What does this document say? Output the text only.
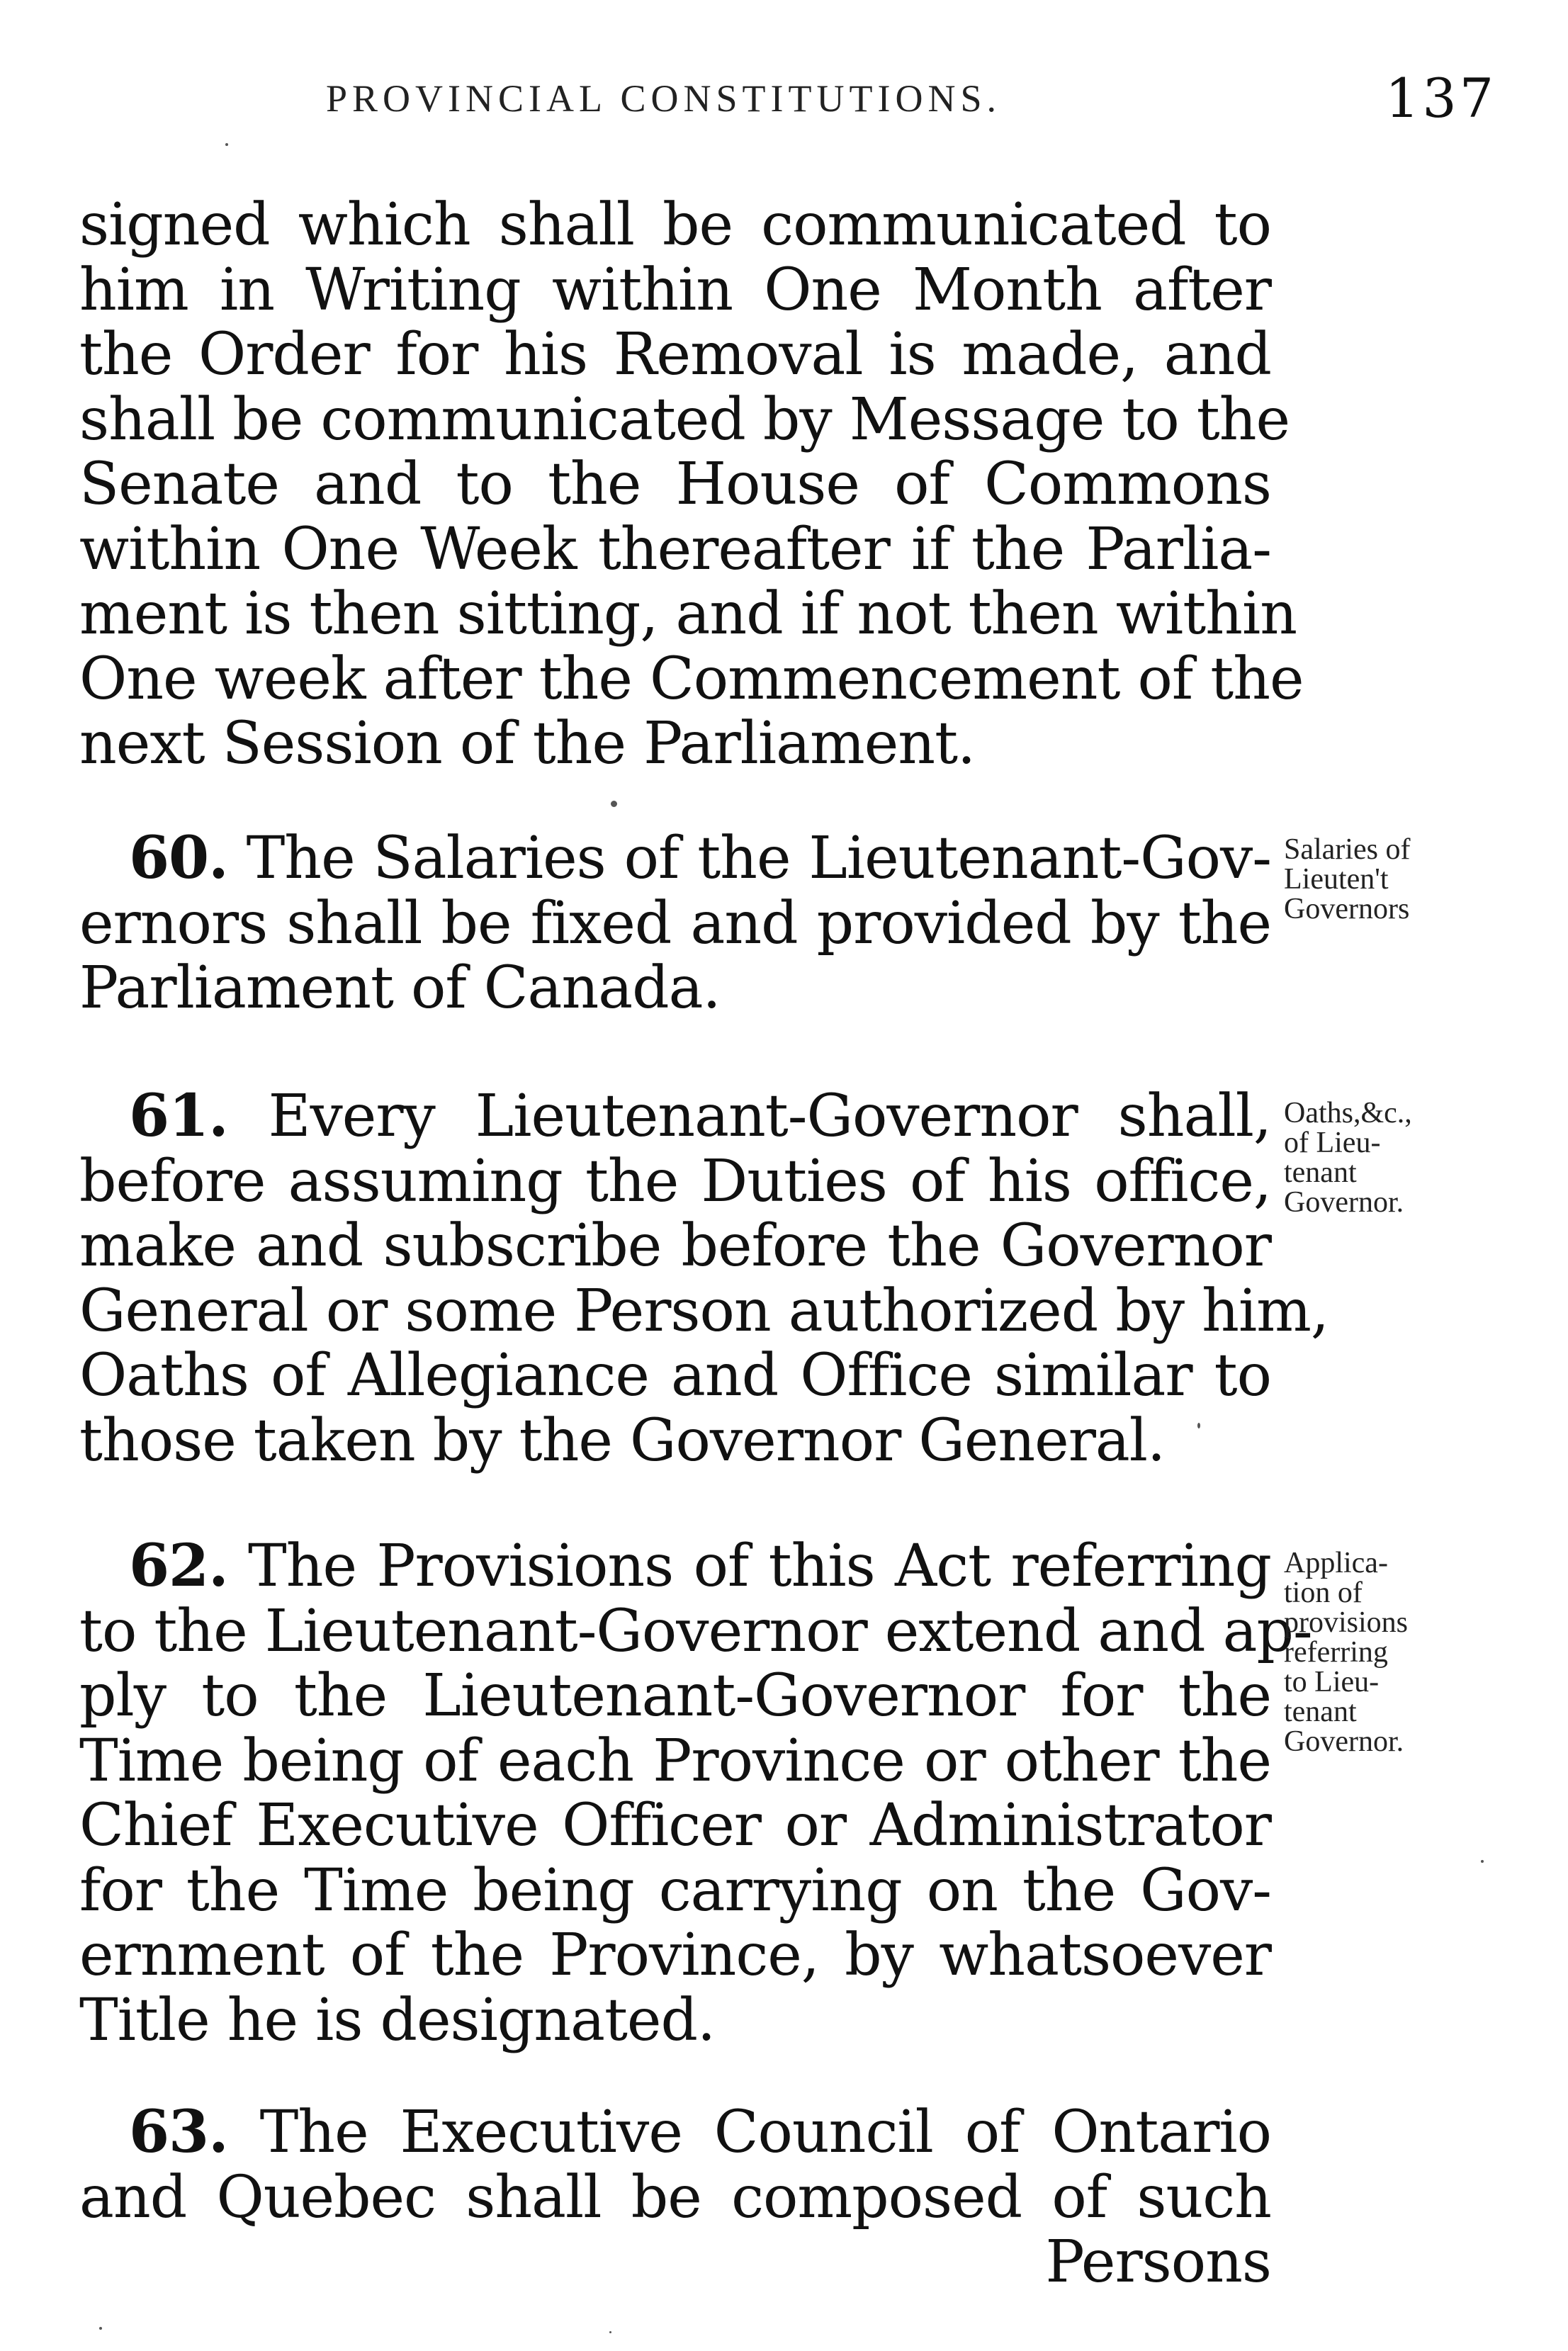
PROVINCIAL CONSTITUTIONS.	137
signed which shall be communicated to
him in Writing within One Month after
the Order for his Removal is made, and
shall be communicated by Message to the
Senate and to the House of Commons
within One Week thereafter if the Parlia-
ment is then sitting, and if not then within
One week after the Commencement of the
next Session of the Parliament.
60. The Salaries of the Lieutenant-Gov-
ernors shall be fixed and provided by the
Parliament of Canada.
Salaries of
Lieuten't
Governors
61. Every Lieutenant-Governor shall,
before assuming the Duties of his office,
make and subscribe before the Governor
General or some Person authorized by him,
Oaths of Allegiance and Office similar to
those taken by the Governor General.
Oaths,&c.,
of Lieu-
tenant
Governor.
62. The Provisions of this Act referring
to the Lieutenant-Governor extend and ap-
ply to the Lieutenant-Governor for the
Time being of each Province or other the
Chief Executive Officer or Administrator
for the Time being carrying on the Gov-
ernment of the Province, by whatsoever
Title he is designated.
Applica-
tion of
provisions
referring
to Lieu-
tenant
Governor.
63. The Executive Council of Ontario
and Quebec shall be composed of such
Persons
